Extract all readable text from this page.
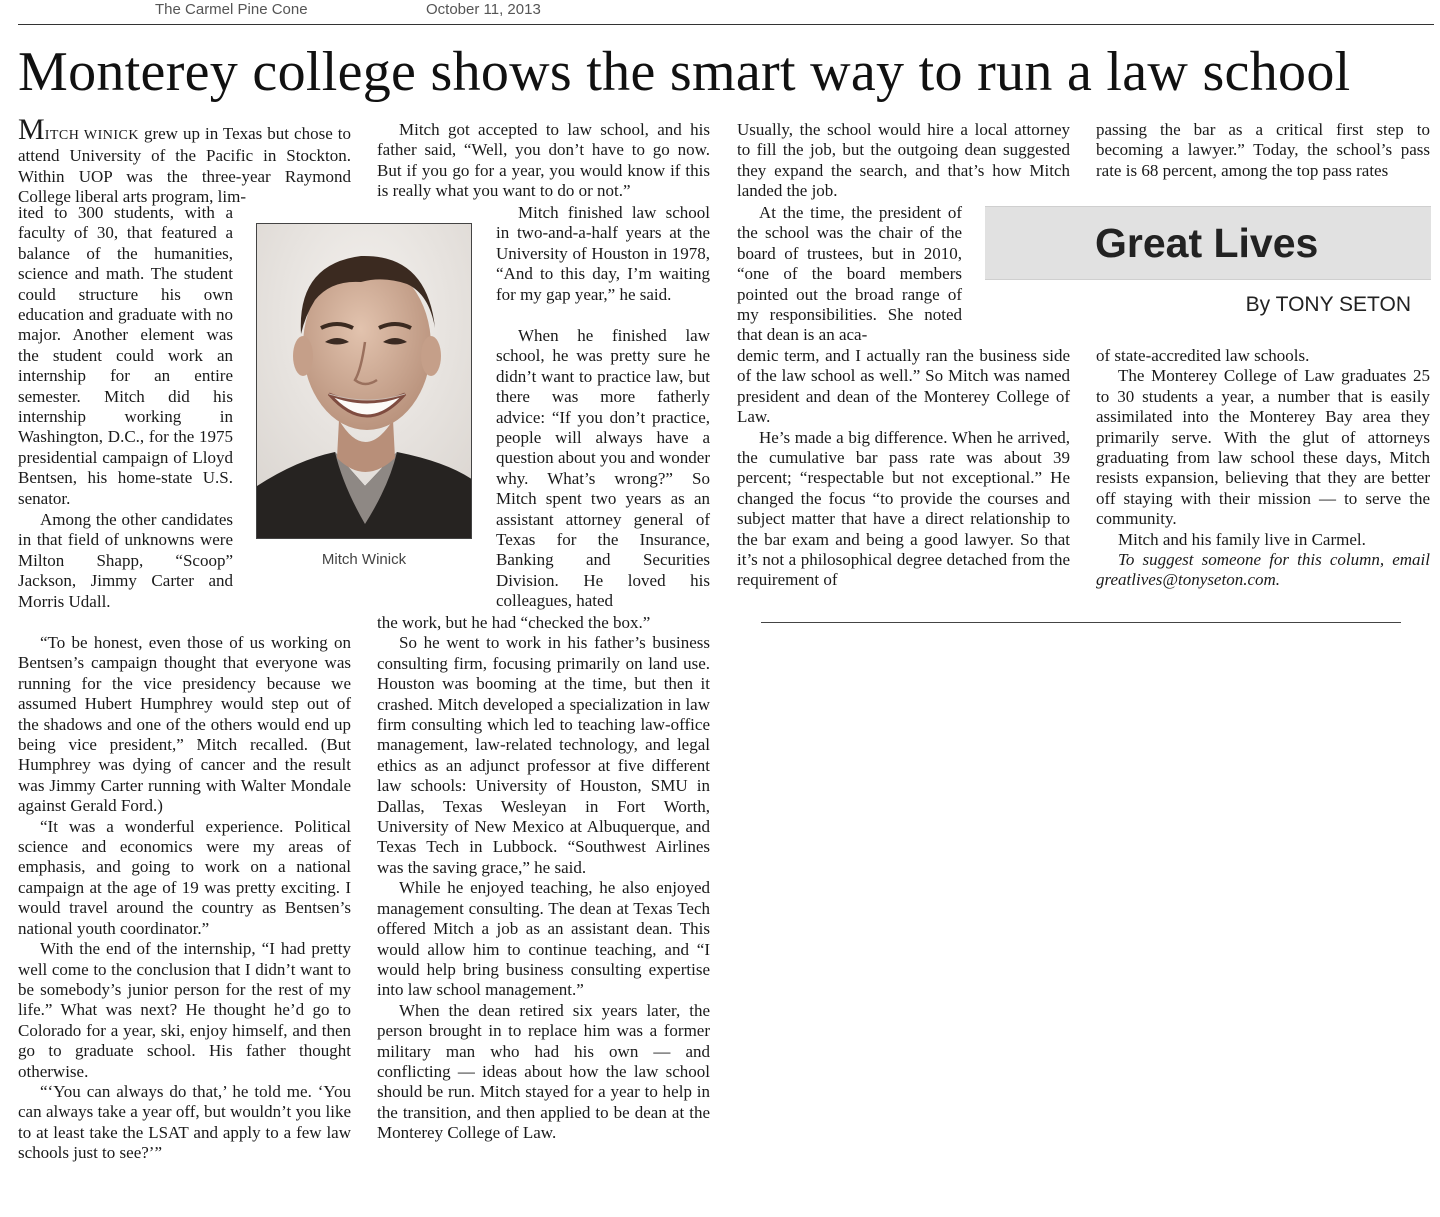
The Carmel Pine Cone	October 11, 2013
Monterey college shows the smart way to run a law school

MITCH WINICK grew up in Texas but chose to attend University of the Pacific in Stockton. Within UOP was the three-year Raymond College liberal arts program, lim-

ited to 300 students, with a faculty of 30, that featured a balance of the humanities, science and math. The student could structure his own education and graduate with no major. Another element was the student could work an internship for an entire semester. Mitch did his internship working in Washington, D.C., for the 1975 presidential campaign of Lloyd Bentsen, his home-state U.S. senator.

Among the other candidates in that field of unknowns were Milton Shapp, “Scoop” Jackson, Jimmy Carter and Morris Udall.

“To be honest, even those of us working on Bentsen’s campaign thought that everyone was running for the vice presidency because we assumed Hubert Humphrey would step out of the shadows and one of the others would end up being vice president,” Mitch recalled. (But Humphrey was dying of cancer and the result was Jimmy Carter running with Walter Mondale against Gerald Ford.)

“It was a wonderful experience. Political science and economics were my areas of emphasis, and going to work on a national campaign at the age of 19 was pretty exciting. I would travel around the country as Bentsen’s national youth coordinator.”

With the end of the internship, “I had pretty well come to the conclusion that I didn’t want to be somebody’s junior person for the rest of my life.” What was next? He thought he’d go to Colorado for a year, ski, enjoy himself, and then go to graduate school. His father thought otherwise.

“‘You can always do that,’ he told me. ‘You can always take a year off, but wouldn’t you like to at least take the LSAT and apply to a few law schools just to see?’”

Mitch Winick

Mitch got accepted to law school, and his father said, “Well, you don’t have to go now. But if you go for a year, you would know if this is really what you want to do or not.”

Mitch finished law school in two-and-a-half years at the University of Houston in 1978, “And to this day, I’m waiting for my gap year,” he said.

When he finished law school, he was pretty sure he didn’t want to practice law, but there was more fatherly advice: “If you don’t practice, people will always have a question about you and wonder why. What’s wrong?” So Mitch spent two years as an assistant attorney general of Texas for the Insurance, Banking and Securities Division. He loved his colleagues, hated

the work, but he had “checked the box.”

So he went to work in his father’s business consulting firm, focusing primarily on land use. Houston was booming at the time, but then it crashed. Mitch developed a specialization in law firm consulting which led to teaching law-office management, law-related technology, and legal ethics as an adjunct professor at five different law schools: University of Houston, SMU in Dallas, Texas Wesleyan in Fort Worth, University of New Mexico at Albuquerque, and Texas Tech in Lubbock. “Southwest Airlines was the saving grace,” he said.

While he enjoyed teaching, he also enjoyed management consulting. The dean at Texas Tech offered Mitch a job as an assistant dean. This would allow him to continue teaching, and “I would help bring business consulting expertise into law school management.”

When the dean retired six years later, the person brought in to replace him was a former military man who had his own — and conflicting — ideas about how the law school should be run. Mitch stayed for a year to help in the transition, and then applied to be dean at the Monterey College of Law.

Usually, the school would hire a local attorney to fill the job, but the outgoing dean suggested they expand the search, and that’s how Mitch landed the job.

At the time, the president of the school was the chair of the board of trustees, but in 2010, “one of the board members pointed out the broad range of my responsibilities. She noted that dean is an aca-

demic term, and I actually ran the business side of the law school as well.” So Mitch was named president and dean of the Monterey College of Law.

He’s made a big difference. When he arrived, the cumulative bar pass rate was about 39 percent; “respectable but not exceptional.” He changed the focus “to provide the courses and subject matter that have a direct relationship to the bar exam and being a good lawyer. So that it’s not a philosophical degree detached from the requirement of

passing the bar as a critical first step to becoming a lawyer.” Today, the school’s pass rate is 68 percent, among the top pass rates

Great Lives
By TONY SETON

of state-accredited law schools.

The Monterey College of Law graduates 25 to 30 students a year, a number that is easily assimilated into the Monterey Bay area they primarily serve. With the glut of attorneys graduating from law school these days, Mitch resists expansion, believing that they are better off staying with their mission — to serve the community.

Mitch and his family live in Carmel.

To suggest someone for this column, email greatlives@tonyseton.com.
